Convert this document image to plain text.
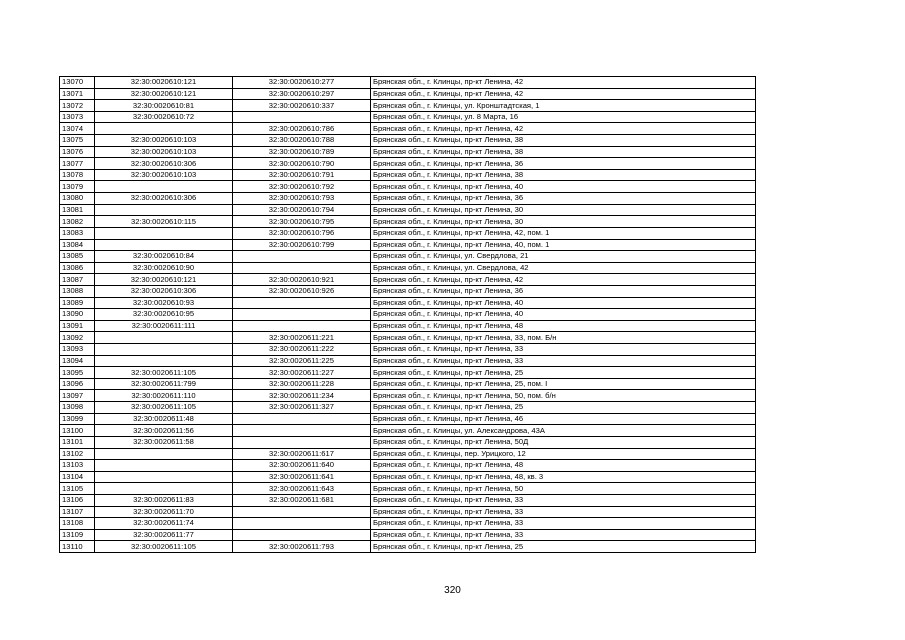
13070	32:30:0020610:121	32:30:0020610:277	Брянская обл., г. Клинцы, пр-кт Ленина, 42
13071	32:30:0020610:121	32:30:0020610:297	Брянская обл., г. Клинцы, пр-кт Ленина, 42
13072	32:30:0020610:81	32:30:0020610:337	Брянская обл., г. Клинцы, ул. Кронштадтская, 1
13073	32:30:0020610:72		Брянская обл., г. Клинцы, ул. 8 Марта, 16
13074		32:30:0020610:786	Брянская обл., г. Клинцы, пр-кт Ленина, 42
13075	32:30:0020610:103	32:30:0020610:788	Брянская обл., г. Клинцы, пр-кт Ленина, 38
13076	32:30:0020610:103	32:30:0020610:789	Брянская обл., г. Клинцы, пр-кт Ленина, 38
13077	32:30:0020610:306	32:30:0020610:790	Брянская обл., г. Клинцы, пр-кт Ленина, 36
13078	32:30:0020610:103	32:30:0020610:791	Брянская обл., г. Клинцы, пр-кт Ленина, 38
13079		32:30:0020610:792	Брянская обл., г. Клинцы, пр-кт Ленина, 40
13080	32:30:0020610:306	32:30:0020610:793	Брянская обл., г. Клинцы, пр-кт Ленина, 36
13081		32:30:0020610:794	Брянская обл., г. Клинцы, пр-кт Ленина, 30
13082	32:30:0020610:115	32:30:0020610:795	Брянская обл., г. Клинцы, пр-кт Ленина, 30
13083		32:30:0020610:796	Брянская обл., г. Клинцы, пр-кт Ленина, 42, пом. 1
13084		32:30:0020610:799	Брянская обл., г. Клинцы, пр-кт Ленина, 40, пом. 1
13085	32:30:0020610:84		Брянская обл., г. Клинцы, ул. Свердлова, 21
13086	32:30:0020610:90		Брянская обл., г. Клинцы, ул. Свердлова, 42
13087	32:30:0020610:121	32:30:0020610:921	Брянская обл., г. Клинцы, пр-кт Ленина, 42
13088	32:30:0020610:306	32:30:0020610:926	Брянская обл., г. Клинцы, пр-кт Ленина, 36
13089	32:30:0020610:93		Брянская обл., г. Клинцы, пр-кт Ленина, 40
13090	32:30:0020610:95		Брянская обл., г. Клинцы, пр-кт Ленина, 40
13091	32:30:0020611:111		Брянская обл., г. Клинцы, пр-кт Ленина, 48
13092		32:30:0020611:221	Брянская обл., г. Клинцы, пр-кт Ленина, 33, пом. Б/н
13093		32:30:0020611:222	Брянская обл., г. Клинцы, пр-кт Ленина, 33
13094		32:30:0020611:225	Брянская обл., г. Клинцы, пр-кт Ленина, 33
13095	32:30:0020611:105	32:30:0020611:227	Брянская обл., г. Клинцы, пр-кт Ленина, 25
13096	32:30:0020611:799	32:30:0020611:228	Брянская обл., г. Клинцы, пр-кт Ленина, 25, пом. I
13097	32:30:0020611:110	32:30:0020611:234	Брянская обл., г. Клинцы, пр-кт Ленина, 50, пом. б/н
13098	32:30:0020611:105	32:30:0020611:327	Брянская обл., г. Клинцы, пр-кт Ленина, 25
13099	32:30:0020611:48		Брянская обл., г. Клинцы, пр-кт Ленина, 46
13100	32:30:0020611:56		Брянская обл., г. Клинцы, ул. Александрова, 43А
13101	32:30:0020611:58		Брянская обл., г. Клинцы, пр-кт Ленина, 50Д
13102		32:30:0020611:617	Брянская обл., г. Клинцы, пер. Урицкого, 12
13103		32:30:0020611:640	Брянская обл., г. Клинцы, пр-кт Ленина, 48
13104		32:30:0020611:641	Брянская обл., г. Клинцы, пр-кт Ленина, 48, кв. 3
13105		32:30:0020611:643	Брянская обл., г. Клинцы, пр-кт Ленина, 50
13106	32:30:0020611:83	32:30:0020611:681	Брянская обл., г. Клинцы, пр-кт Ленина, 33
13107	32:30:0020611:70		Брянская обл., г. Клинцы, пр-кт Ленина, 33
13108	32:30:0020611:74		Брянская обл., г. Клинцы, пр-кт Ленина, 33
13109	32:30:0020611:77		Брянская обл., г. Клинцы, пр-кт Ленина, 33
13110	32:30:0020611:105	32:30:0020611:793	Брянская обл., г. Клинцы, пр-кт Ленина, 25
320
